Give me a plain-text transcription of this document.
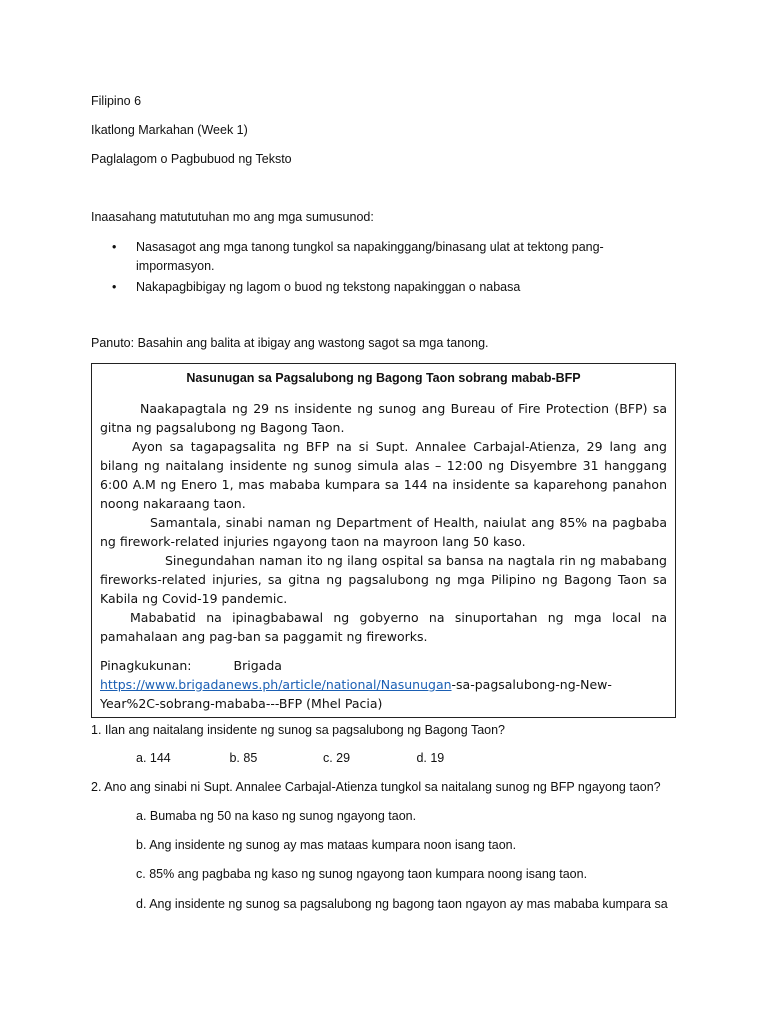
Filipino 6
Ikatlong Markahan (Week 1)
Paglalagom o Pagbubuod ng Teksto
Inaasahang matututuhan mo ang mga sumusunod:
• Nasasagot ang mga tanong tungkol sa napakinggang/binasang ulat at tektong pang-impormasyon.
• Nakapagbibigay ng lagom o buod ng tekstong napakinggan o nabasa
Panuto: Basahin ang balita at ibigay ang wastong sagot sa mga tanong.
Nasunugan sa Pagsalubong ng Bagong Taon sobrang mabab-BFP

Naakapagtala ng 29 ns insidente ng sunog ang Bureau of Fire Protection (BFP) sa gitna ng pagsalubong ng Bagong Taon.

Ayon sa tagapagsalita ng BFP na si Supt. Annalee Carbajal-Atienza, 29 lang ang bilang ng naitalang insidente ng sunog simula alas – 12:00 ng Disyembre 31 hanggang 6:00 A.M ng Enero 1, mas mababa kumpara sa 144 na insidente sa kaparehong panahon noong nakaraang taon.

Samantala, sinabi naman ng Department of Health, naiulat ang 85% na pagbaba ng firework-related injuries ngayong taon na mayroon lang 50 kaso.

Sinegundahan naman ito ng ilang ospital sa bansa na nagtala rin ng mababang fireworks-related injuries, sa gitna ng pagsalubong ng mga Pilipino ng Bagong Taon sa Kabila ng Covid-19 pandemic.

Mababatid na ipinagbabawal ng gobyerno na sinuportahan ng mga local na pamahalaan ang pag-ban sa paggamit ng fireworks.

Pinagkukunan:	Brigadahttps://www.brigadanews.ph/article/national/Nasunugan-sa-pagsalubong-ng-New-Year%2C-sobrang-mababa---BFP (Mhel Pacia)

1. Ilan ang naitalang insidente ng sunog sa pagsalubong ng Bagong Taon?
a. 144	b. 85	c. 29	d. 19
2. Ano ang sinabi ni Supt. Annalee Carbajal-Atienza tungkol sa naitalang sunog ng BFP ngayong taon?
a. Bumaba ng 50 na kaso ng sunog ngayong taon.
b. Ang insidente ng sunog ay mas mataas kumpara noon isang taon.
c. 85% ang pagbaba ng kaso ng sunog ngayong taon kumpara noong isang taon.
d. Ang insidente ng sunog sa pagsalubong ng bagong taon ngayon ay mas mababa kumpara sa
